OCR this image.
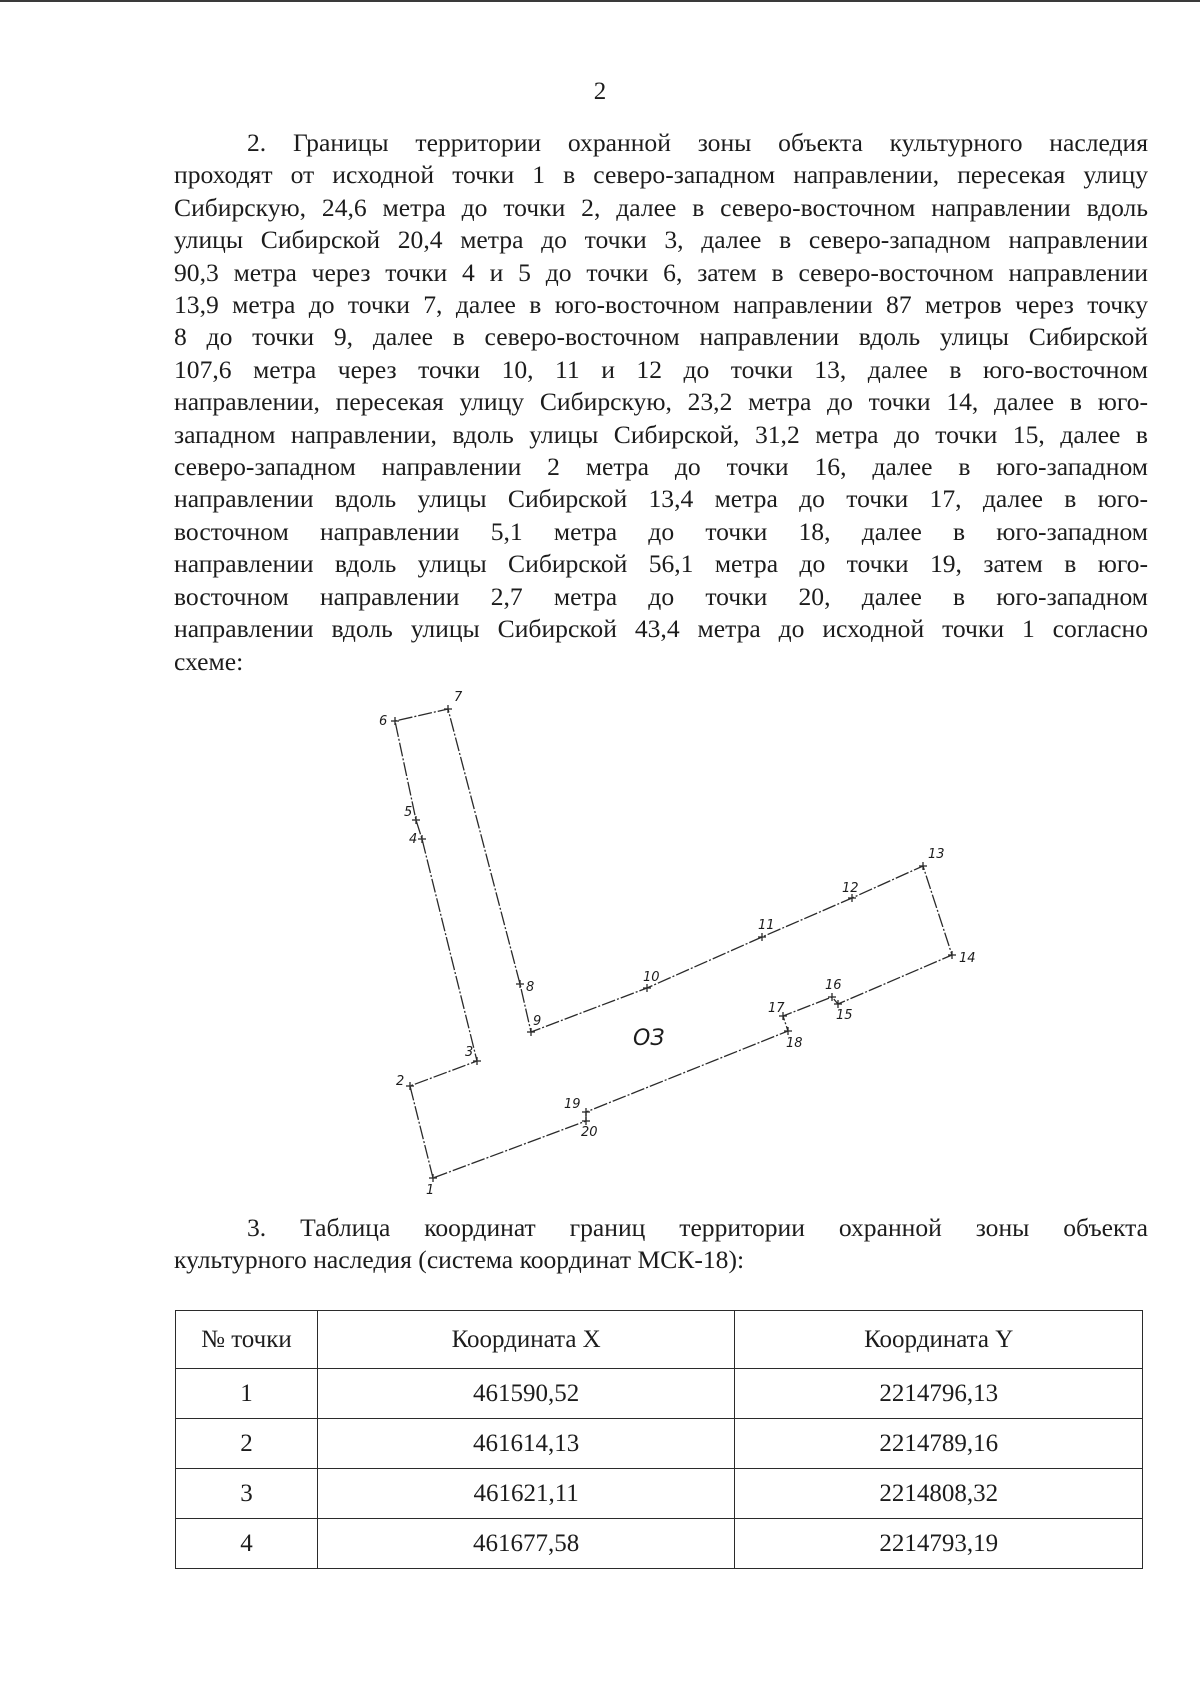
2
2. Границы территории охранной зоны объекта культурного наследия
проходят от исходной точки 1 в северо-западном направлении, пересекая улицу
Сибирскую, 24,6 метра до точки 2, далее в северо-восточном направлении вдоль
улицы Сибирской 20,4 метра до точки 3, далее в северо-западном направлении
90,3 метра через точки 4 и 5 до точки 6, затем в северо-восточном направлении
13,9 метра до точки 7, далее в юго-восточном направлении 87 метров через точку
8 до точки 9, далее в северо-восточном направлении вдоль улицы Сибирской
107,6 метра через точки 10, 11 и 12 до точки 13, далее в юго-восточном
направлении, пересекая улицу Сибирскую, 23,2 метра до точки 14, далее в юго-
западном направлении, вдоль улицы Сибирской, 31,2 метра до точки 15, далее в
северо-западном направлении 2 метра до точки 16, далее в юго-западном
направлении вдоль улицы Сибирской 13,4 метра до точки 17, далее в юго-
восточном направлении 5,1 метра до точки 18, далее в юго-западном
направлении вдоль улицы Сибирской 56,1 метра до точки 19, затем в юго-
восточном направлении 2,7 метра до точки 20, далее в юго-западном
направлении вдоль улицы Сибирской 43,4 метра до исходной точки 1 согласно
схеме:
1
2
3
4
5
6
7
8
9
10
11
12
13
14
15
16
17
18
19
20
ОЗ
3. Таблица координат границ территории охранной зоны объекта
культурного наследия (система координат МСК-18):
№ точки	Координата X	Координата Y
1	461590,52	2214796,13
2	461614,13	2214789,16
3	461621,11	2214808,32
4	461677,58	2214793,19
